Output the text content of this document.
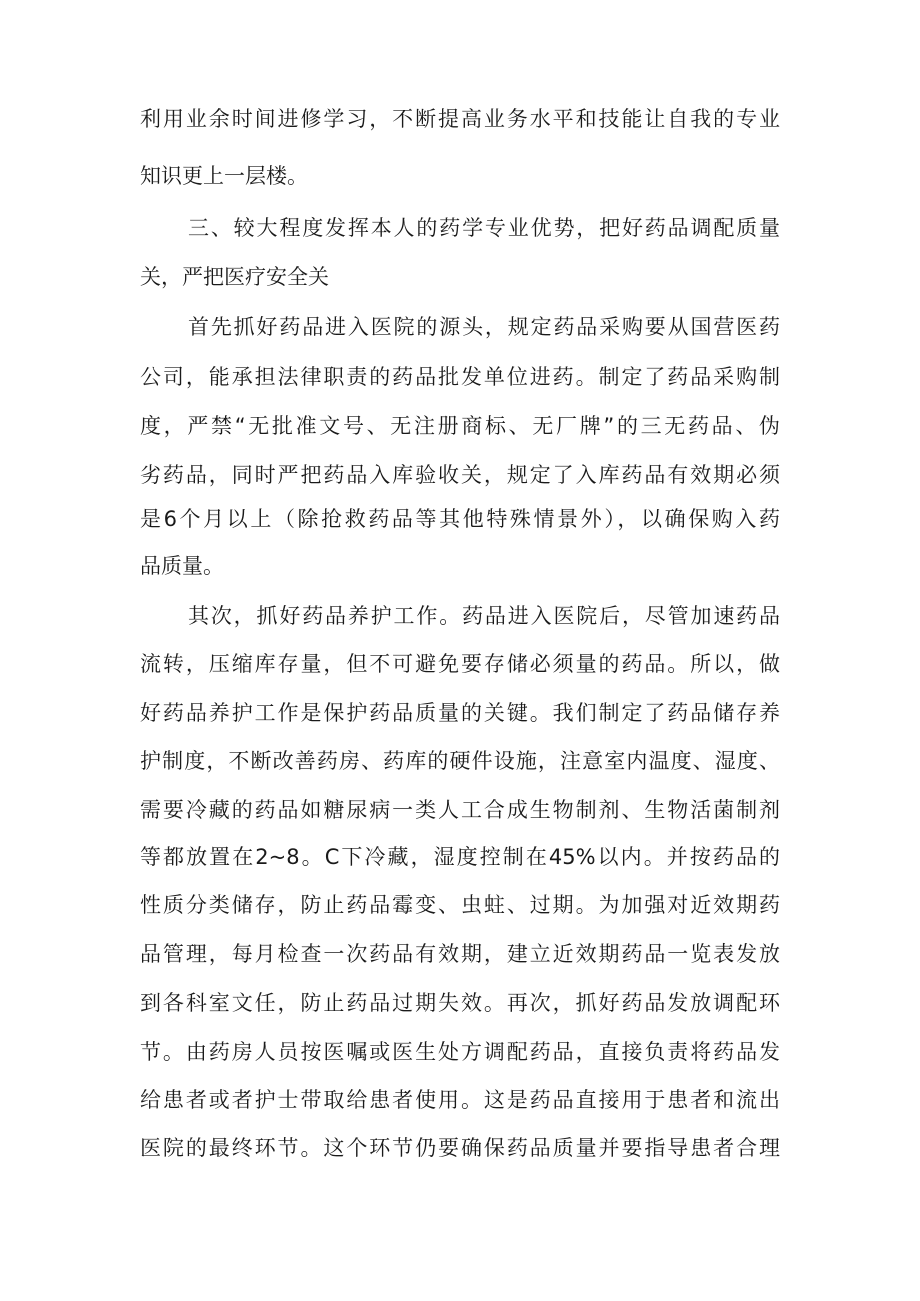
利用业余时间进修学习，不断提高业务水平和技能让自我的专业
知识更上一层楼。
三、较大程度发挥本人的药学专业优势，把好药品调配质量
关，严把医疗安全关
首先抓好药品进入医院的源头，规定药品采购要从国营医药
公司，能承担法律职责的药品批发单位进药。制定了药品采购制
度，严禁“无批准文号、无注册商标、无厂牌”的三无药品、伪
劣药品，同时严把药品入库验收关，规定了入库药品有效期必须
是6个月以上（除抢救药品等其他特殊情景外），以确保购入药
品质量。
其次，抓好药品养护工作。药品进入医院后，尽管加速药品
流转，压缩库存量，但不可避免要存储必须量的药品。所以，做
好药品养护工作是保护药品质量的关键。我们制定了药品储存养
护制度，不断改善药房、药库的硬件设施，注意室内温度、湿度、
需要冷藏的药品如糖尿病一类人工合成生物制剂、生物活菌制剂
等都放置在2~8。C下冷藏，湿度控制在45%以内。并按药品的
性质分类储存，防止药品霉变、虫蛀、过期。为加强对近效期药
品管理，每月检查一次药品有效期，建立近效期药品一览表发放
到各科室文任，防止药品过期失效。再次，抓好药品发放调配环
节。由药房人员按医嘱或医生处方调配药品，直接负责将药品发
给患者或者护士带取给患者使用。这是药品直接用于患者和流出
医院的最终环节。这个环节仍要确保药品质量并要指导患者合理
